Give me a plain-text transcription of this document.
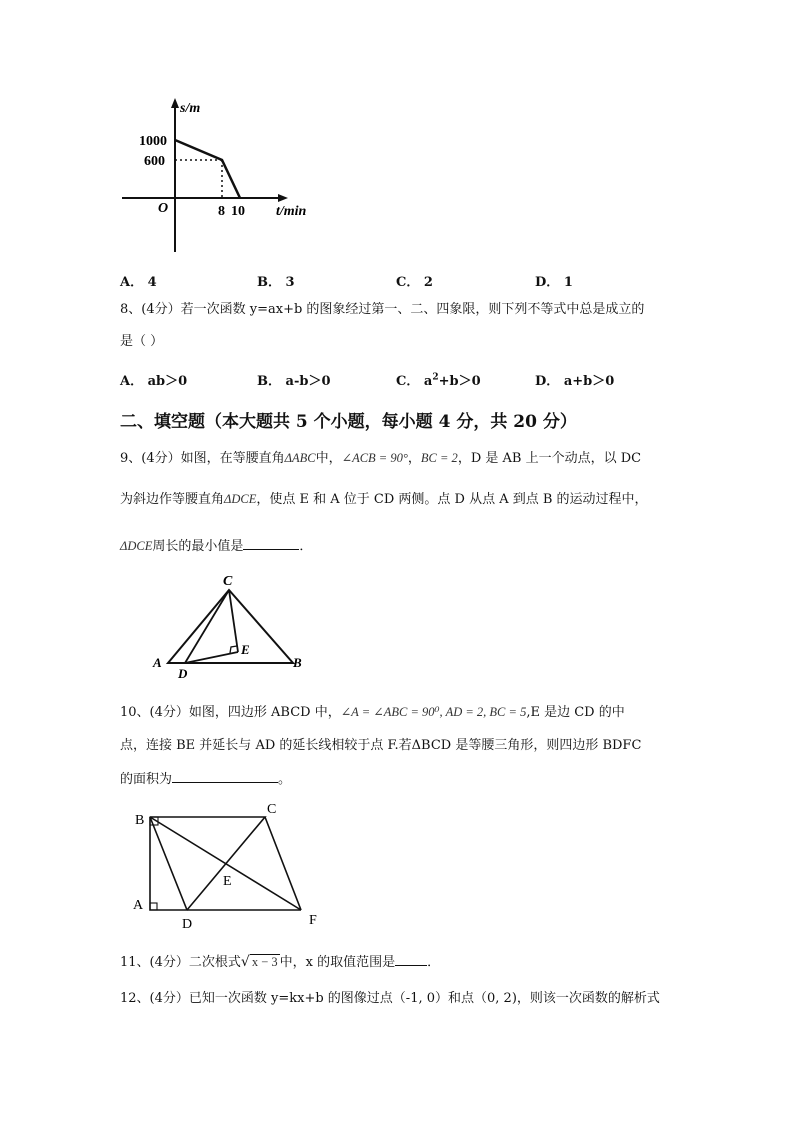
s/m
t/min
O
1000
600
8 10
A． 4	B． 3	C． 2	D． 1
8、(4分）若一次函数 y=ax+b 的图象经过第一、二、四象限，则下列不等式中总是成立的
是（ ）
A． ab＞0	B． a-b＞0	C． $a^2+b>0$	D． a+b＞0
二、填空题（本大题共 5 个小题，每小题 4 分，共 20 分）
9、(4分）如图，在等腰直角ΔABC中，∠ACB = 90°，BC = 2，D 是 AB 上一个动点，以 DC
为斜边作等腰直角ΔDCE，使点 E 和 A 位于 CD 两侧。点 D 从点 A 到点 B 的运动过程中，
ΔDCE周长的最小值是	．
C
E
A
D
B
10、(4分）如图，四边形 ABCD 中，∠A = ∠ABC = 90⁰, AD = 2, BC = 5,E 是边 CD 的中
点，连接 BE 并延长与 AD 的延长线相较于点 F.若ΔBCD 是等腰三角形，则四边形 BDFC
的面积为	。
B
C
E
A
D	F
11、(4分）二次根式√ x − 3 中，x 的取值范围是 ．
12、(4分）已知一次函数 y=kx+b 的图像过点（-1, 0）和点（0, 2)，则该一次函数的解析式
